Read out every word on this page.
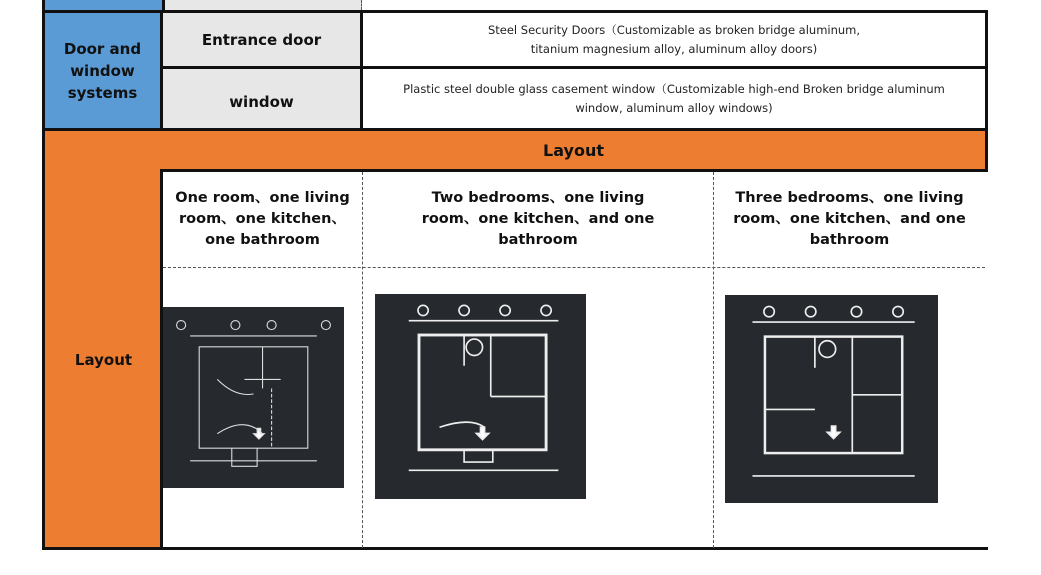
Door and window systems
Entrance door
Steel Security Doors（Customizable as broken bridge aluminum, titanium magnesium alloy, aluminum alloy doors)
window
Plastic steel double glass casement window（Customizable high-end Broken bridge aluminum window, aluminum alloy windows)
Layout
Layout
One room、one living room、one kitchen、one bathroom
Two bedrooms、one living room、one kitchen、and one bathroom
Three bedrooms、one living room、one kitchen、and one bathroom
